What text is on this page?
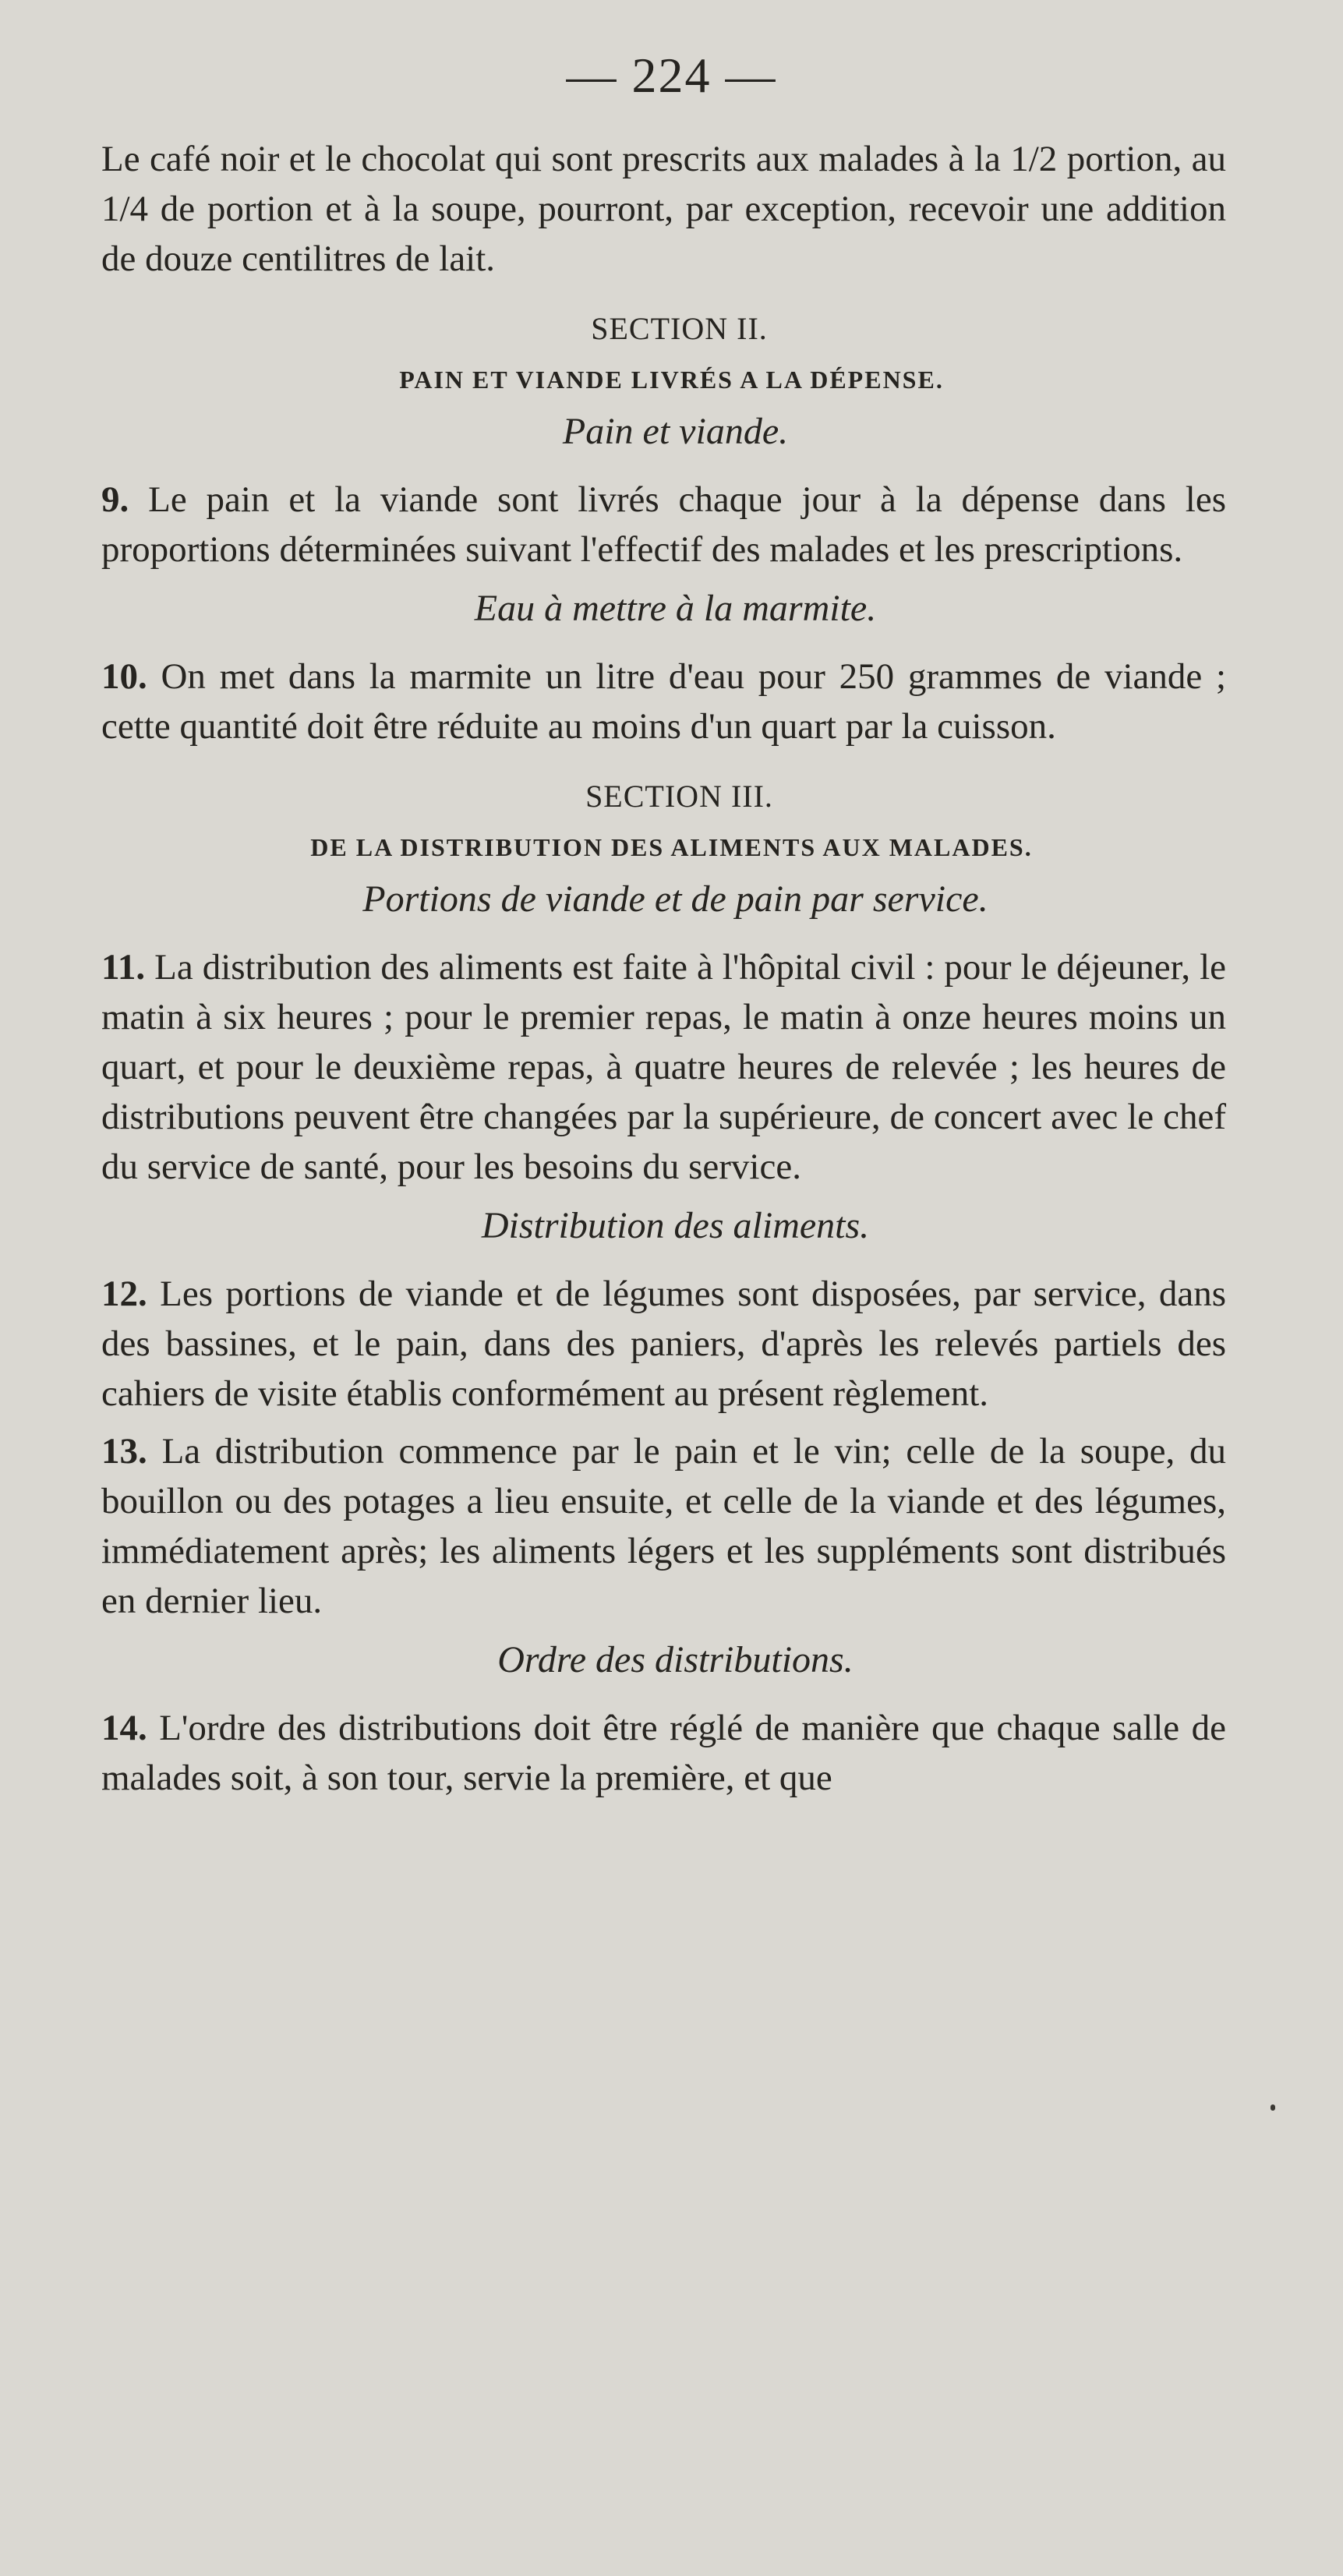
— 224 —

Le café noir et le chocolat qui sont prescrits aux malades à la 1/2 portion, au 1/4 de portion et à la soupe, pourront, par exception, recevoir une addition de douze centilitres de lait.

SECTION II.
PAIN ET VIANDE LIVRÉS A LA DÉPENSE.
Pain et viande.

9. Le pain et la viande sont livrés chaque jour à la dépense dans les proportions déterminées suivant l'effectif des malades et les prescriptions.

Eau à mettre à la marmite.

10. On met dans la marmite un litre d'eau pour 250 grammes de viande ; cette quantité doit être réduite au moins d'un quart par la cuisson.

SECTION III.
DE LA DISTRIBUTION DES ALIMENTS AUX MALADES.
Portions de viande et de pain par service.

11. La distribution des aliments est faite à l'hôpital civil : pour le déjeuner, le matin à six heures ; pour le premier repas, le matin à onze heures moins un quart, et pour le deuxième repas, à quatre heures de relevée ; les heures de distributions peuvent être changées par la supérieure, de concert avec le chef du service de santé, pour les besoins du service.

Distribution des aliments.

12. Les portions de viande et de légumes sont disposées, par service, dans des bassines, et le pain, dans des paniers, d'après les relevés partiels des cahiers de visite établis conformément au présent règlement.

13. La distribution commence par le pain et le vin; celle de la soupe, du bouillon ou des potages a lieu ensuite, et celle de la viande et des légumes, immédiatement après; les aliments légers et les suppléments sont distribués en dernier lieu.

Ordre des distributions.

14. L'ordre des distributions doit être réglé de manière que chaque salle de malades soit, à son tour, servie la première, et que
